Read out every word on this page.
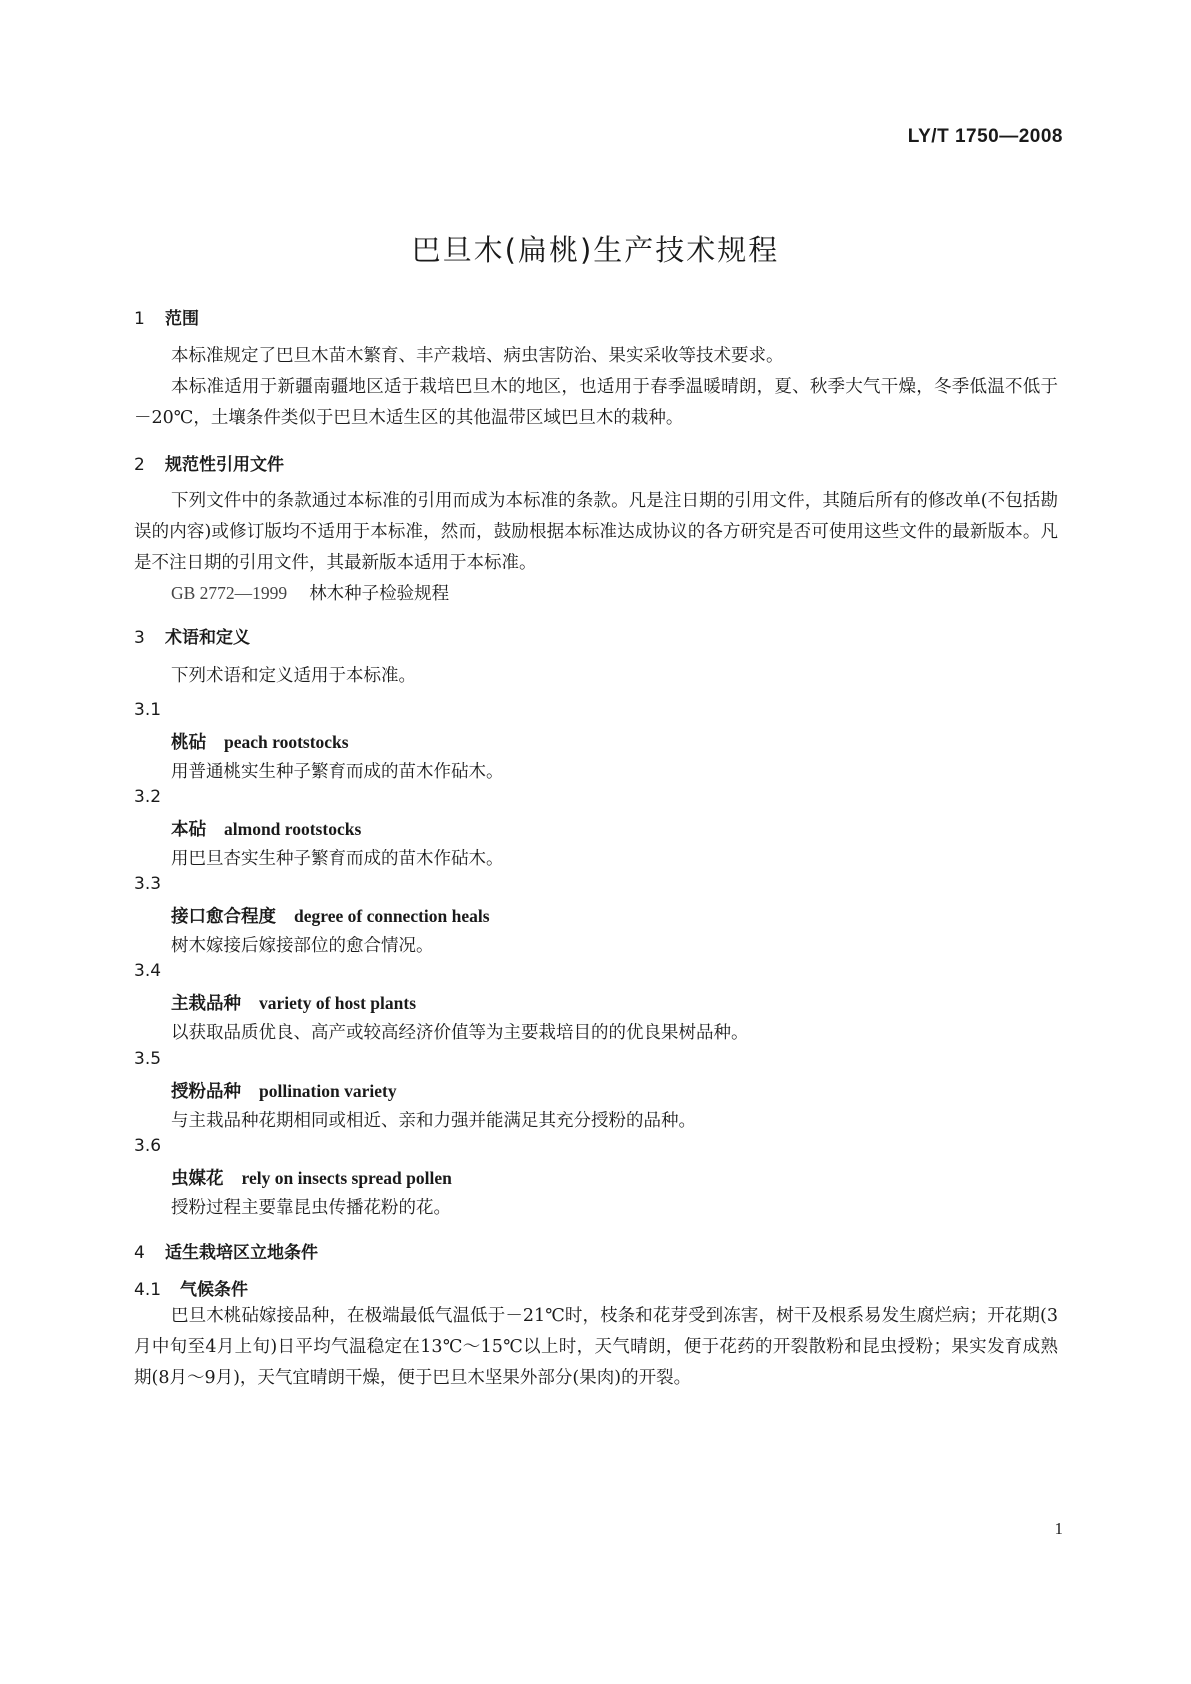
LY/T 1750—2008
巴旦木(扁桃)生产技术规程
1 范围
本标准规定了巴旦木苗木繁育、丰产栽培、病虫害防治、果实采收等技术要求。
本标准适用于新疆南疆地区适于栽培巴旦木的地区，也适用于春季温暖晴朗，夏、秋季大气干燥，冬季低温不低于－20℃，土壤条件类似于巴旦木适生区的其他温带区域巴旦木的栽种。
2 规范性引用文件
下列文件中的条款通过本标准的引用而成为本标准的条款。凡是注日期的引用文件，其随后所有的修改单(不包括勘误的内容)或修订版均不适用于本标准，然而，鼓励根据本标准达成协议的各方研究是否可使用这些文件的最新版本。凡是不注日期的引用文件，其最新版本适用于本标准。
GB 2772—1999 林木种子检验规程
3 术语和定义
下列术语和定义适用于本标准。
3.1
桃砧 peach rootstocks
用普通桃实生种子繁育而成的苗木作砧木。
3.2
本砧 almond rootstocks
用巴旦杏实生种子繁育而成的苗木作砧木。
3.3
接口愈合程度 degree of connection heals
树木嫁接后嫁接部位的愈合情况。
3.4
主栽品种 variety of host plants
以获取品质优良、高产或较高经济价值等为主要栽培目的的优良果树品种。
3.5
授粉品种 pollination variety
与主栽品种花期相同或相近、亲和力强并能满足其充分授粉的品种。
3.6
虫媒花 rely on insects spread pollen
授粉过程主要靠昆虫传播花粉的花。
4 适生栽培区立地条件
4.1 气候条件
巴旦木桃砧嫁接品种，在极端最低气温低于－21℃时，枝条和花芽受到冻害，树干及根系易发生腐烂病；开花期(3月中旬至4月上旬)日平均气温稳定在13℃～15℃以上时，天气晴朗，便于花药的开裂散粉和昆虫授粉；果实发育成熟期(8月～9月)，天气宜晴朗干燥，便于巴旦木坚果外部分(果肉)的开裂。
1
